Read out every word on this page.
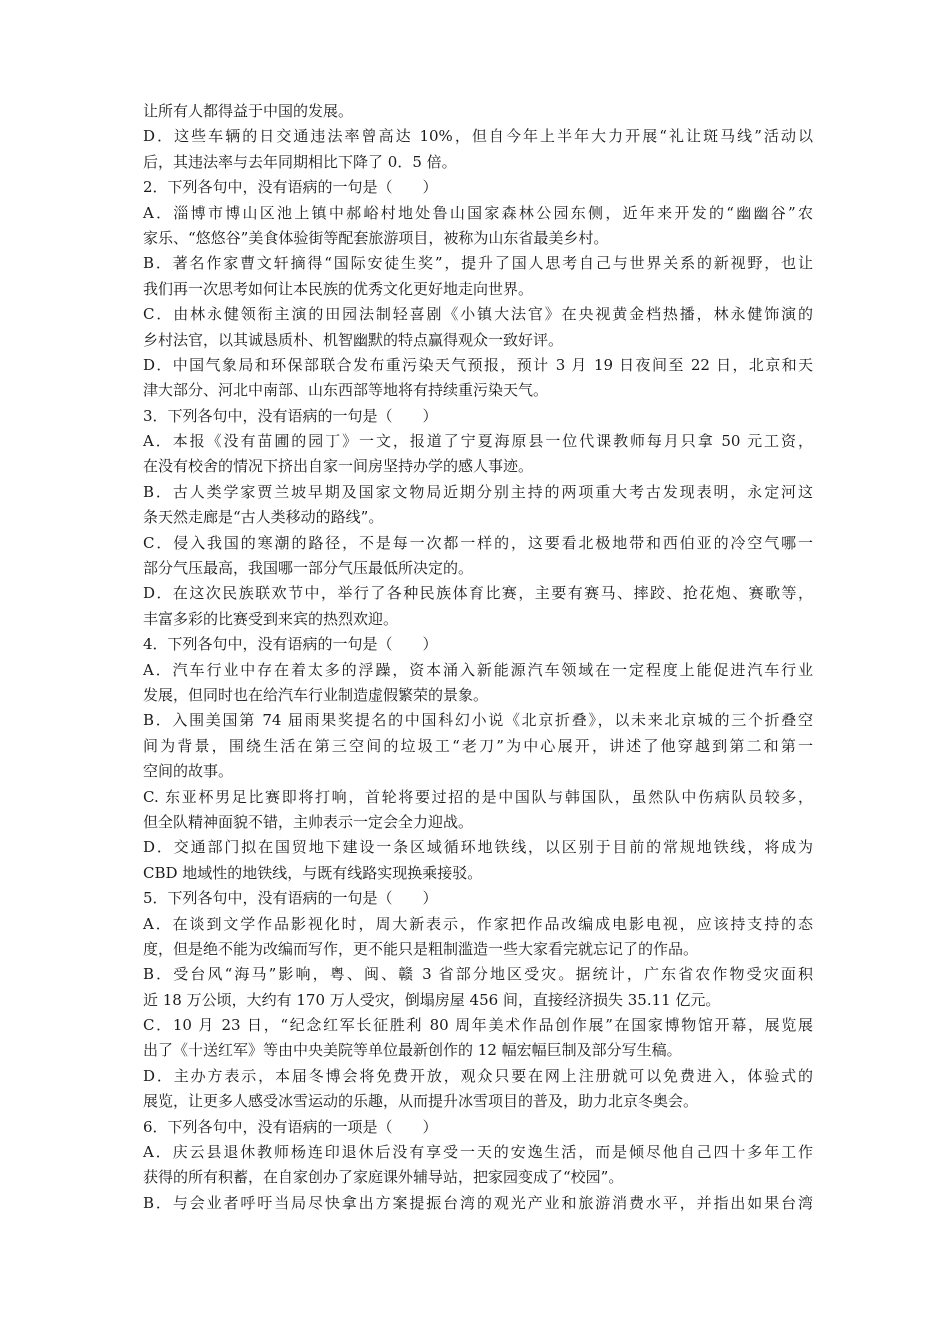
让所有人都得益于中国的发展。
D．这些车辆的日交通违法率曾高达 10%，但自今年上半年大力开展“礼让斑马线”活动以
后，其违法率与去年同期相比下降了 0．5 倍。
2．下列各句中，没有语病的一句是（　　）
A．淄博市博山区池上镇中郝峪村地处鲁山国家森林公园东侧，近年来开发的“幽幽谷”农
家乐、“悠悠谷”美食体验街等配套旅游项目，被称为山东省最美乡村。
B．著名作家曹文轩摘得“国际安徒生奖”，提升了国人思考自己与世界关系的新视野，也让
我们再一次思考如何让本民族的优秀文化更好地走向世界。
C．由林永健领衔主演的田园法制轻喜剧《小镇大法官》在央视黄金档热播，林永健饰演的
乡村法官，以其诚恳质朴、机智幽默的特点赢得观众一致好评。
D．中国气象局和环保部联合发布重污染天气预报，预计 3 月 19 日夜间至 22 日，北京和天
津大部分、河北中南部、山东西部等地将有持续重污染天气。
3．下列各句中，没有语病的一句是（　　）
A．本报《没有苗圃的园丁》一文，报道了宁夏海原县一位代课教师每月只拿 50 元工资，
在没有校舍的情况下挤出自家一间房坚持办学的感人事迹。
B．古人类学家贾兰坡早期及国家文物局近期分别主持的两项重大考古发现表明，永定河这
条天然走廊是“古人类移动的路线”。
C．侵入我国的寒潮的路径，不是每一次都一样的，这要看北极地带和西伯亚的冷空气哪一
部分气压最高，我国哪一部分气压最低所决定的。
D．在这次民族联欢节中，举行了各种民族体育比赛，主要有赛马、摔跤、抢花炮、赛歌等，
丰富多彩的比赛受到来宾的热烈欢迎。
4．下列各句中，没有语病的一句是（　　）
A．汽车行业中存在着太多的浮躁，资本涌入新能源汽车领域在一定程度上能促进汽车行业
发展，但同时也在给汽车行业制造虚假繁荣的景象。
B．入围美国第 74 届雨果奖提名的中国科幻小说《北京折叠》，以未来北京城的三个折叠空
间为背景，围绕生活在第三空间的垃圾工“老刀”为中心展开，讲述了他穿越到第二和第一
空间的故事。
C. 东亚杯男足比赛即将打响，首轮将要过招的是中国队与韩国队，虽然队中伤病队员较多，
但全队精神面貌不错，主帅表示一定会全力迎战。
D．交通部门拟在国贸地下建设一条区域循环地铁线，以区别于目前的常规地铁线，将成为
CBD 地域性的地铁线，与既有线路实现换乘接驳。
5．下列各句中，没有语病的一句是（　　）
A．在谈到文学作品影视化时，周大新表示，作家把作品改编成电影电视，应该持支持的态
度，但是绝不能为改编而写作，更不能只是粗制滥造一些大家看完就忘记了的作品。
B．受台风“海马”影响，粤、闽、赣 3 省部分地区受灾。据统计，广东省农作物受灾面积
近 18 万公顷，大约有 170 万人受灾，倒塌房屋 456 间，直接经济损失 35.11 亿元。
C．10 月 23 日，“纪念红军长征胜利 80 周年美术作品创作展”在国家博物馆开幕，展览展
出了《十送红军》等由中央美院等单位最新创作的 12 幅宏幅巨制及部分写生稿。
D．主办方表示，本届冬博会将免费开放，观众只要在网上注册就可以免费进入，体验式的
展览，让更多人感受冰雪运动的乐趣，从而提升冰雪项目的普及，助力北京冬奥会。
6．下列各句中，没有语病的一项是（　　）
A．庆云县退休教师杨连印退休后没有享受一天的安逸生活，而是倾尽他自己四十多年工作
获得的所有积蓄，在自家创办了家庭课外辅导站，把家园变成了“校园”。
B．与会业者呼吁当局尽快拿出方案提振台湾的观光产业和旅游消费水平，并指出如果台湾
